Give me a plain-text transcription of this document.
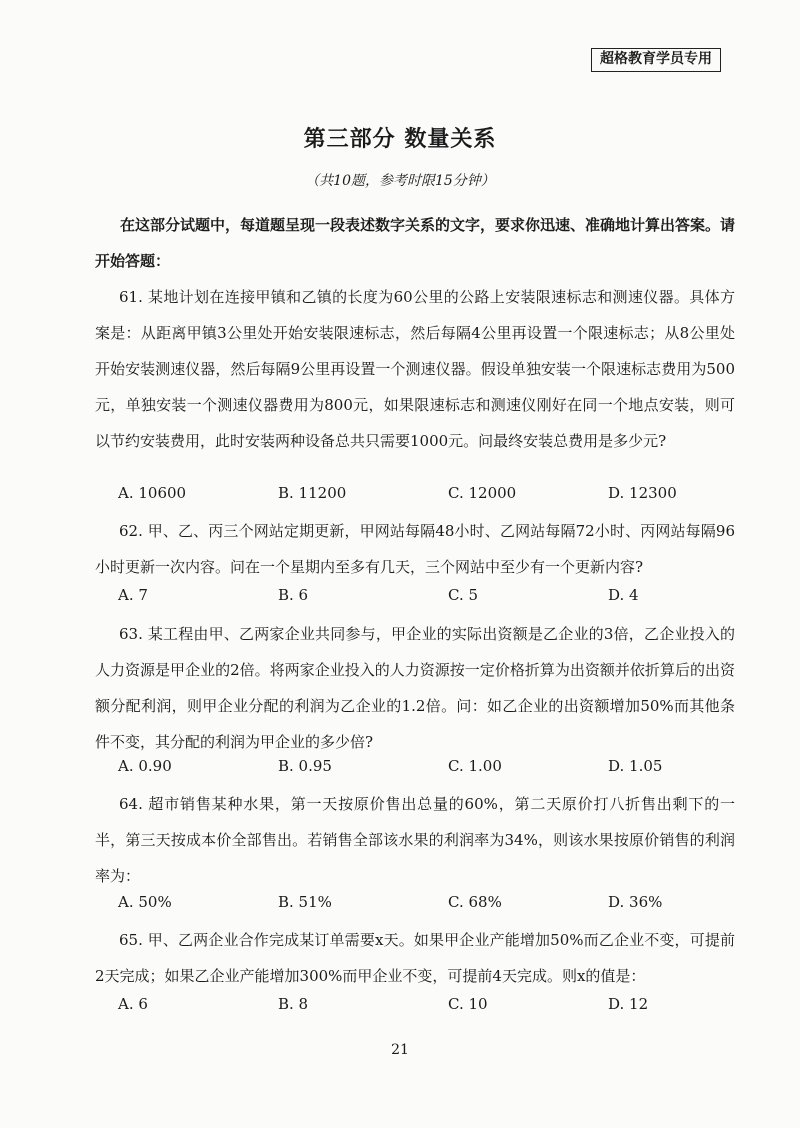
超格教育学员专用
第三部分 数量关系
（共10题，参考时限15分钟）
在这部分试题中，每道题呈现一段表述数字关系的文字，要求你迅速、准确地计算出答案。请开始答题：
61. 某地计划在连接甲镇和乙镇的长度为60公里的公路上安装限速标志和测速仪器。具体方案是：从距离甲镇3公里处开始安装限速标志，然后每隔4公里再设置一个限速标志；从8公里处开始安装测速仪器，然后每隔9公里再设置一个测速仪器。假设单独安装一个限速标志费用为500元，单独安装一个测速仪器费用为800元，如果限速标志和测速仪刚好在同一个地点安装，则可以节约安装费用，此时安装两种设备总共只需要1000元。问最终安装总费用是多少元?
A. 10600	B. 11200	C. 12000	D. 12300
62. 甲、乙、丙三个网站定期更新，甲网站每隔48小时、乙网站每隔72小时、丙网站每隔96小时更新一次内容。问在一个星期内至多有几天，三个网站中至少有一个更新内容?
A. 7	B. 6	C. 5	D. 4
63. 某工程由甲、乙两家企业共同参与，甲企业的实际出资额是乙企业的3倍，乙企业投入的人力资源是甲企业的2倍。将两家企业投入的人力资源按一定价格折算为出资额并依折算后的出资额分配利润，则甲企业分配的利润为乙企业的1.2倍。问：如乙企业的出资额增加50%而其他条件不变，其分配的利润为甲企业的多少倍?
A. 0.90	B. 0.95	C. 1.00	D. 1.05
64. 超市销售某种水果，第一天按原价售出总量的60%，第二天原价打八折售出剩下的一半，第三天按成本价全部售出。若销售全部该水果的利润率为34%，则该水果按原价销售的利润率为：
A. 50%	B. 51%	C. 68%	D. 36%
65. 甲、乙两企业合作完成某订单需要x天。如果甲企业产能增加50%而乙企业不变，可提前2天完成；如果乙企业产能增加300%而甲企业不变，可提前4天完成。则x的值是：
A. 6	B. 8	C. 10	D. 12
21
